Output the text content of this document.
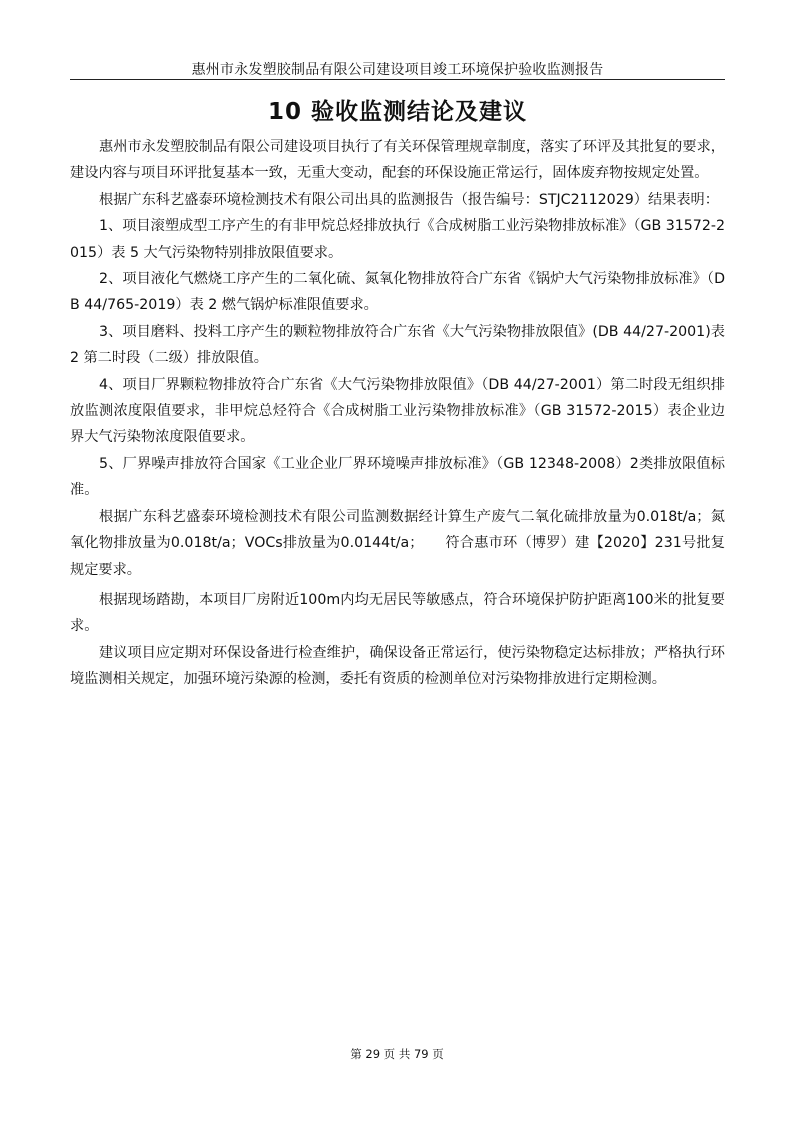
惠州市永发塑胶制品有限公司建设项目竣工环境保护验收监测报告
10 验收监测结论及建议

惠州市永发塑胶制品有限公司建设项目执行了有关环保管理规章制度，落实了环评及其批复的要求，建设内容与项目环评批复基本一致，无重大变动，配套的环保设施正常运行，固体废弃物按规定处置。

根据广东科艺盛泰环境检测技术有限公司出具的监测报告（报告编号：STJC2112029）结果表明：

1、项目滚塑成型工序产生的有非甲烷总烃排放执行《合成树脂工业污染物排放标准》（GB 31572-2015）表 5 大气污染物特别排放限值要求。

2、项目液化气燃烧工序产生的二氧化硫、氮氧化物排放符合广东省《锅炉大气污染物排放标准》（DB 44/765-2019）表 2 燃气锅炉标准限值要求。

3、项目磨料、投料工序产生的颗粒物排放符合广东省《大气污染物排放限值》(DB 44/27-2001)表 2 第二时段（二级）排放限值。

4、项目厂界颗粒物排放符合广东省《大气污染物排放限值》（DB 44/27-2001）第二时段无组织排放监测浓度限值要求，非甲烷总烃符合《合成树脂工业污染物排放标准》（GB 31572-2015）表企业边界大气污染物浓度限值要求。

5、厂界噪声排放符合国家《工业企业厂界环境噪声排放标准》（GB 12348-2008）2类排放限值标准。

根据广东科艺盛泰环境检测技术有限公司监测数据经计算生产废气二氧化硫排放量为0.018t/a；氮氧化物排放量为0.018t/a；VOCs排放量为0.0144t/a；　　符合惠市环（博罗）建【2020】231号批复规定要求。

根据现场踏勘，本项目厂房附近100m内均无居民等敏感点，符合环境保护防护距离100米的批复要求。

建议项目应定期对环保设备进行检查维护，确保设备正常运行，使污染物稳定达标排放；严格执行环境监测相关规定，加强环境污染源的检测，委托有资质的检测单位对污染物排放进行定期检测。

第 29 页 共 79 页
